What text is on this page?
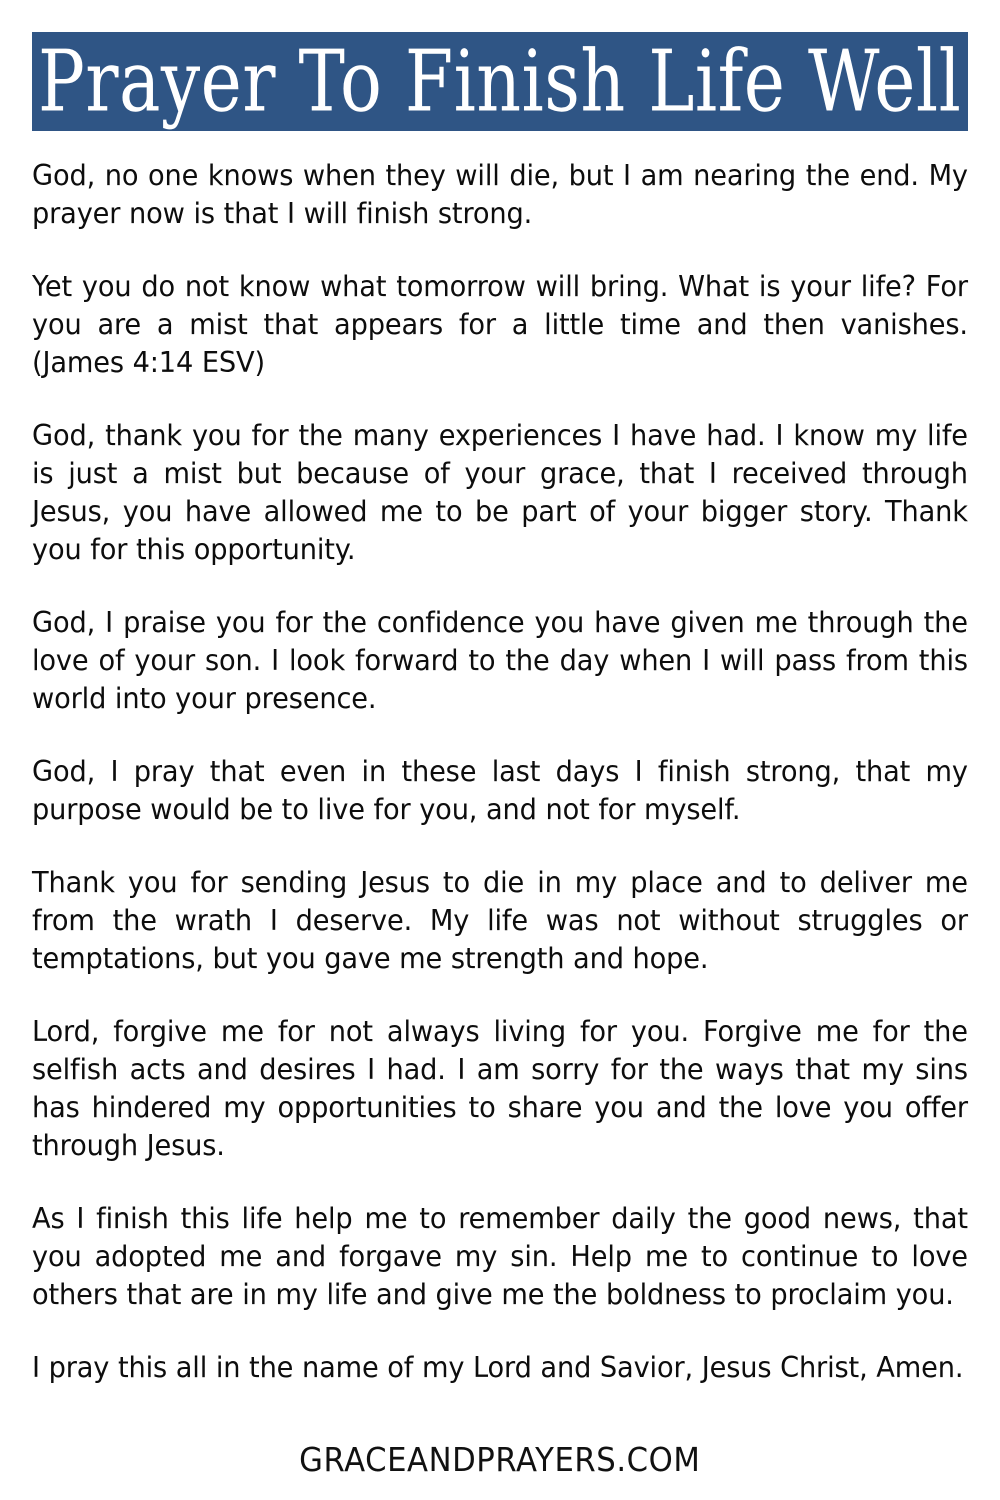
Prayer To Finish Life Well

God, no one knows when they will die, but I am nearing the end. My prayer now is that I will finish strong.

Yet you do not know what tomorrow will bring. What is your life? For you are a mist that appears for a little time and then vanishes. (James 4:14 ESV)

God, thank you for the many experiences I have had. I know my life is just a mist but because of your grace, that I received through Jesus, you have allowed me to be part of your bigger story. Thank you for this opportunity.

God, I praise you for the confidence you have given me through the love of your son. I look forward to the day when I will pass from this world into your presence.

God, I pray that even in these last days I finish strong, that my purpose would be to live for you, and not for myself.

Thank you for sending Jesus to die in my place and to deliver me from the wrath I deserve. My life was not without struggles or temptations, but you gave me strength and hope.

Lord, forgive me for not always living for you. Forgive me for the selfish acts and desires I had. I am sorry for the ways that my sins has hindered my opportunities to share you and the love you offer through Jesus.

As I finish this life help me to remember daily the good news, that you adopted me and forgave my sin. Help me to continue to love others that are in my life and give me the boldness to proclaim you.

I pray this all in the name of my Lord and Savior, Jesus Christ, Amen.

GRACEANDPRAYERS.COM
